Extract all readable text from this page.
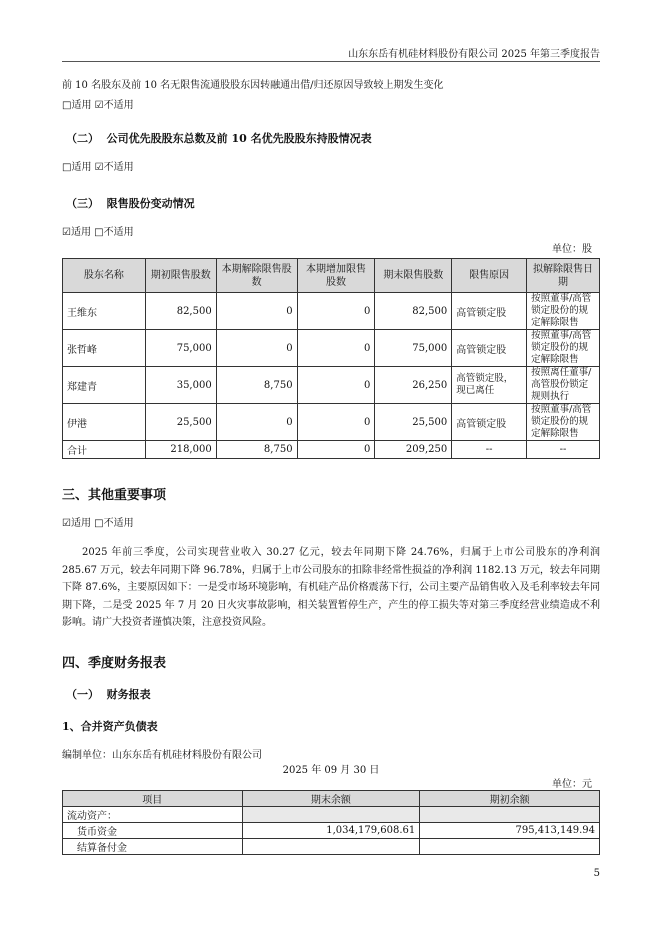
山东东岳有机硅材料股份有限公司 2025 年第三季度报告
前 10 名股东及前 10 名无限售流通股股东因转融通出借/归还原因导致较上期发生变化
□适用 ☑不适用
（二） 公司优先股股东总数及前 10 名优先股股东持股情况表
□适用 ☑不适用
（三） 限售股份变动情况
☑适用 □不适用
单位：股
股东名称	期初限售股数	本期解除限售股数	本期增加限售股数	期末限售股数	限售原因	拟解除限售日期
王维东	82,500	0	0	82,500	高管锁定股	按照董事/高管锁定股份的规定解除限售
张哲峰	75,000	0	0	75,000	高管锁定股	按照董事/高管锁定股份的规定解除限售
郑建青	35,000	8,750	0	26,250	高管锁定股，现已离任	按照离任董事/高管股份锁定规则执行
伊港	25,500	0	0	25,500	高管锁定股	按照董事/高管锁定股份的规定解除限售
合计	218,000	8,750	0	209,250	--	--
三、其他重要事项
☑适用 □不适用
2025 年前三季度，公司实现营业收入 30.27 亿元，较去年同期下降 24.76%，归属于上市公司股东的净利润 285.67 万元，较去年同期下降 96.78%，归属于上市公司股东的扣除非经常性损益的净利润 1182.13 万元，较去年同期下降 87.6%，主要原因如下：一是受市场环境影响，有机硅产品价格震荡下行，公司主要产品销售收入及毛利率较去年同期下降，二是受 2025 年 7 月 20 日火灾事故影响，相关装置暂停生产，产生的停工损失等对第三季度经营业绩造成不利影响。请广大投资者谨慎决策，注意投资风险。
四、季度财务报表
（一） 财务报表
1、合并资产负债表
编制单位：山东东岳有机硅材料股份有限公司
2025 年 09 月 30 日
单位：元
项目	期末余额	期初余额
流动资产：		
货币资金	1,034,179,608.61	795,413,149.94
结算备付金		
5
